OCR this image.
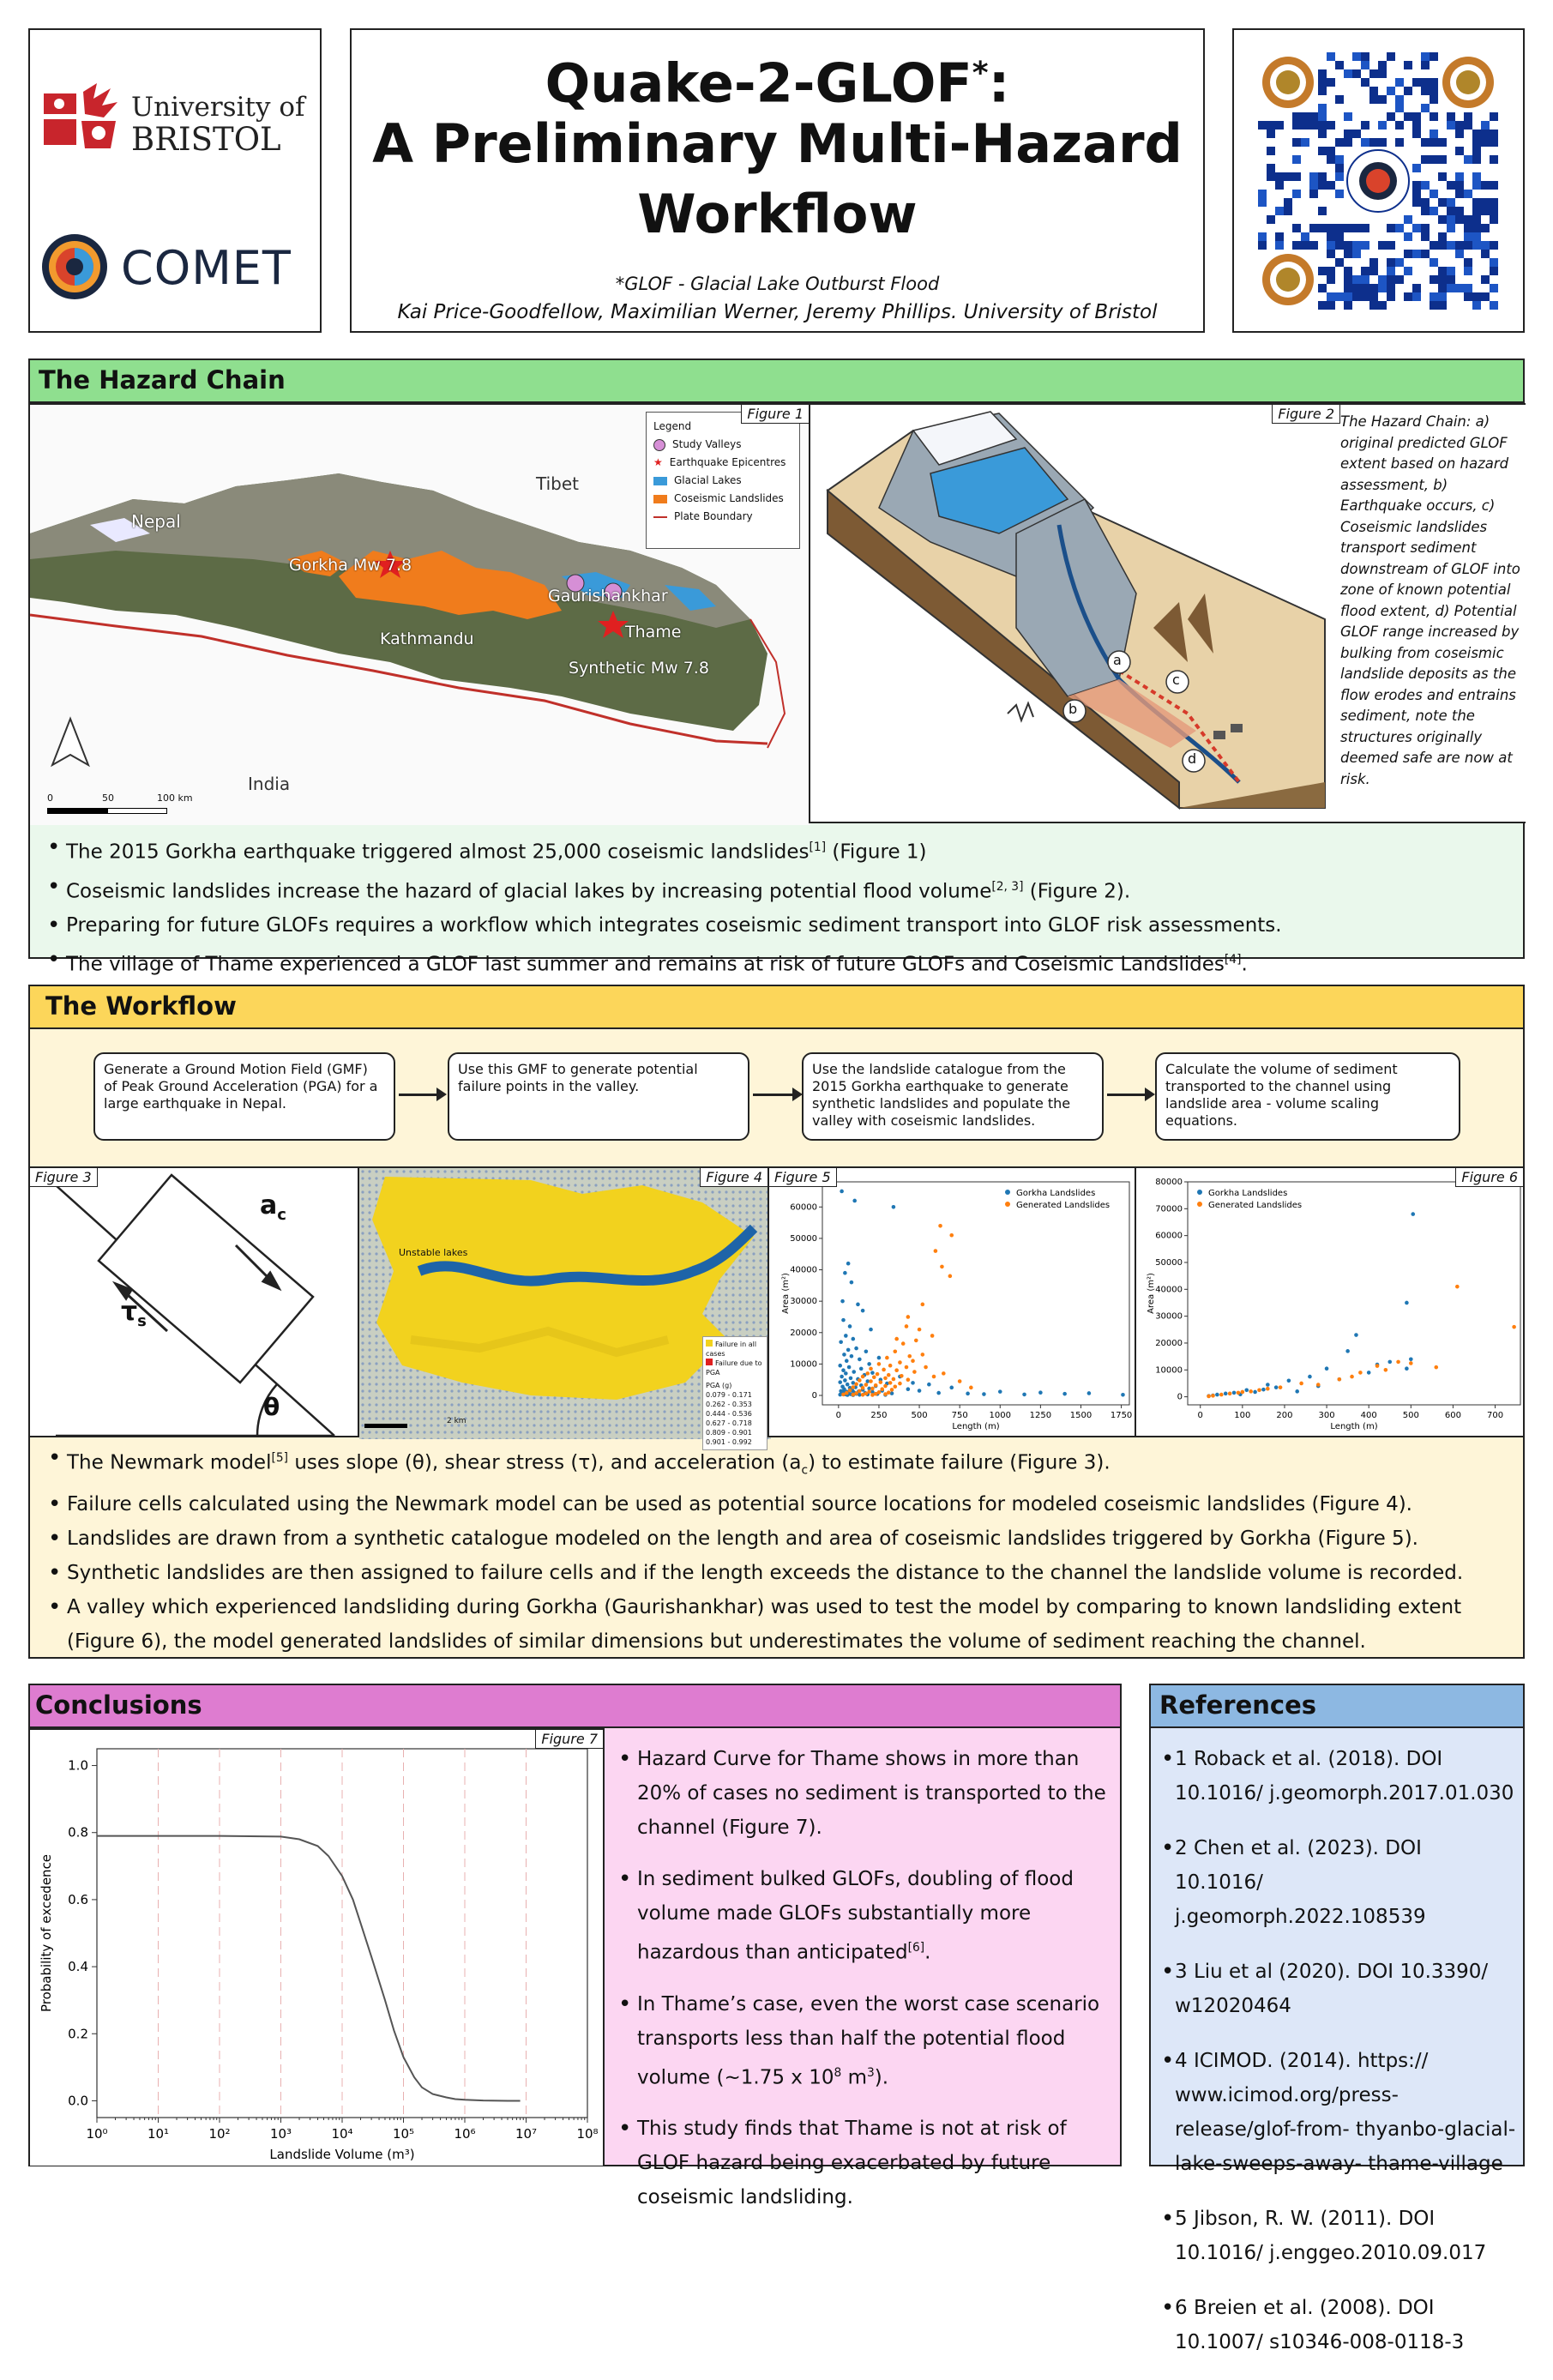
University of
BRISTOL
COMET
Quake-2-GLOF*:
A Preliminary Multi-Hazard
Workflow
*GLOF - Glacial Lake Outburst Flood
Kai Price-Goodfellow, Maximilian Werner, Jeremy Phillips. University of Bristol
The Hazard Chain
Figure 1
Legend
Study Valleys
★ Earthquake Epicentres
Glacial Lakes
Coseismic Landslides
Plate Boundary
Tibet
Nepal
Gorkha Mw 7.8
Kathmandu
Gaurishankhar
Thame
Synthetic Mw 7.8
India
0	50	100 km
Figure 2
a
b
c
d
The Hazard Chain: a) original predicted GLOF extent based on hazard assessment, b) Earthquake occurs, c) Coseismic landslides transport sediment downstream of GLOF into zone of known potential flood extent, d) Potential GLOF range increased by bulking from coseismic landslide deposits as the flow erodes and entrains sediment, note the structures originally deemed safe are now at risk.
• The 2015 Gorkha earthquake triggered almost 25,000 coseismic landslides[1] (Figure 1)
• Coseismic landslides increase the hazard of glacial lakes by increasing potential flood volume[2, 3] (Figure 2).
• Preparing for future GLOFs requires a workflow which integrates coseismic sediment transport into GLOF risk assessments.
• The village of Thame experienced a GLOF last summer and remains at risk of future GLOFs and Coseismic Landslides[4].
The Workflow
Generate a Ground Motion Field (GMF) of Peak Ground Acceleration (PGA) for a large earthquake in Nepal.
Use this GMF to generate potential failure points in the valley.
Use the landslide catalogue from the 2015 Gorkha earthquake to generate synthetic landslides and populate the valley with coseismic landslides.
Calculate the volume of sediment transported to the channel using landslide area - volume scaling equations.
Figure 3
$a_c$
$\tau_s$
θ
Figure 4
Unstable lakes
Failure in all cases
Failure due to PGA
PGA (g)
0.079 - 0.171
0.262 - 0.353
0.444 - 0.536
0.627 - 0.718
0.809 - 0.901
0.901 - 0.992
2 km
Figure 5
0	250	500	750 1000 1250 1500 1750
0
10000
20000
30000
40000
50000
60000
Length (m)
Area (m²)
Gorkha Landslides
Generated Landslides
Figure 6
0	100	200	300	400	500	600	700
0
10000
20000
30000
40000
50000
60000
70000
80000
Length (m)
Area (m²)
Gorkha Landslides
Generated Landslides
• The Newmark model[5] uses slope (θ), shear stress (τ), and acceleration $(a_c)$ to estimate failure (Figure 3).
• Failure cells calculated using the Newmark model can be used as potential source locations for modeled coseismic landslides (Figure 4).
• Landslides are drawn from a synthetic catalogue modeled on the length and area of coseismic landslides triggered by Gorkha (Figure 5).
• Synthetic landslides are then assigned to failure cells and if the length exceeds the distance to the channel the landslide volume is recorded.
• A valley which experienced landsliding during Gorkha (Gaurishankhar) was used to test the model by comparing to known landsliding extent (Figure 6), the model generated landslides of similar dimensions but underestimates the volume of sediment reaching the channel.
Conclusions
Figure 7
10⁰	10¹	10²	10³	10⁴	10⁵	10⁶	10⁷	10⁸
0.0
0.2
0.4
0.6
0.8
1.0
Landslide Volume (m³)
Probability of excedence
• Hazard Curve for Thame shows in more than 20% of cases no sediment is transported to the channel (Figure 7).
• In sediment bulked GLOFs, doubling of flood volume made GLOFs substantially more hazardous than anticipated[6].
• In Thame’s case, even the worst case scenario transports less than half the potential flood volume (~1.75 x $10^8$ $m^3$).
• This study finds that Thame is not at risk of GLOF hazard being exacerbated by future coseismic landsliding.
References
• 1 Roback et al. (2018). DOI 10.1016/ j.geomorph.2017.01.030
• 2 Chen et al. (2023). DOI 10.1016/ j.geomorph.2022.108539
• 3 Liu et al (2020). DOI 10.3390/ w12020464
• 4 ICIMOD. (2014). https:// www.icimod.org/press-release/glof-from- thyanbo-glacial-lake-sweeps-away- thame-village
• 5 Jibson, R. W. (2011). DOI 10.1016/ j.enggeo.2010.09.017
• 6 Breien et al. (2008). DOI 10.1007/ s10346-008-0118-3
